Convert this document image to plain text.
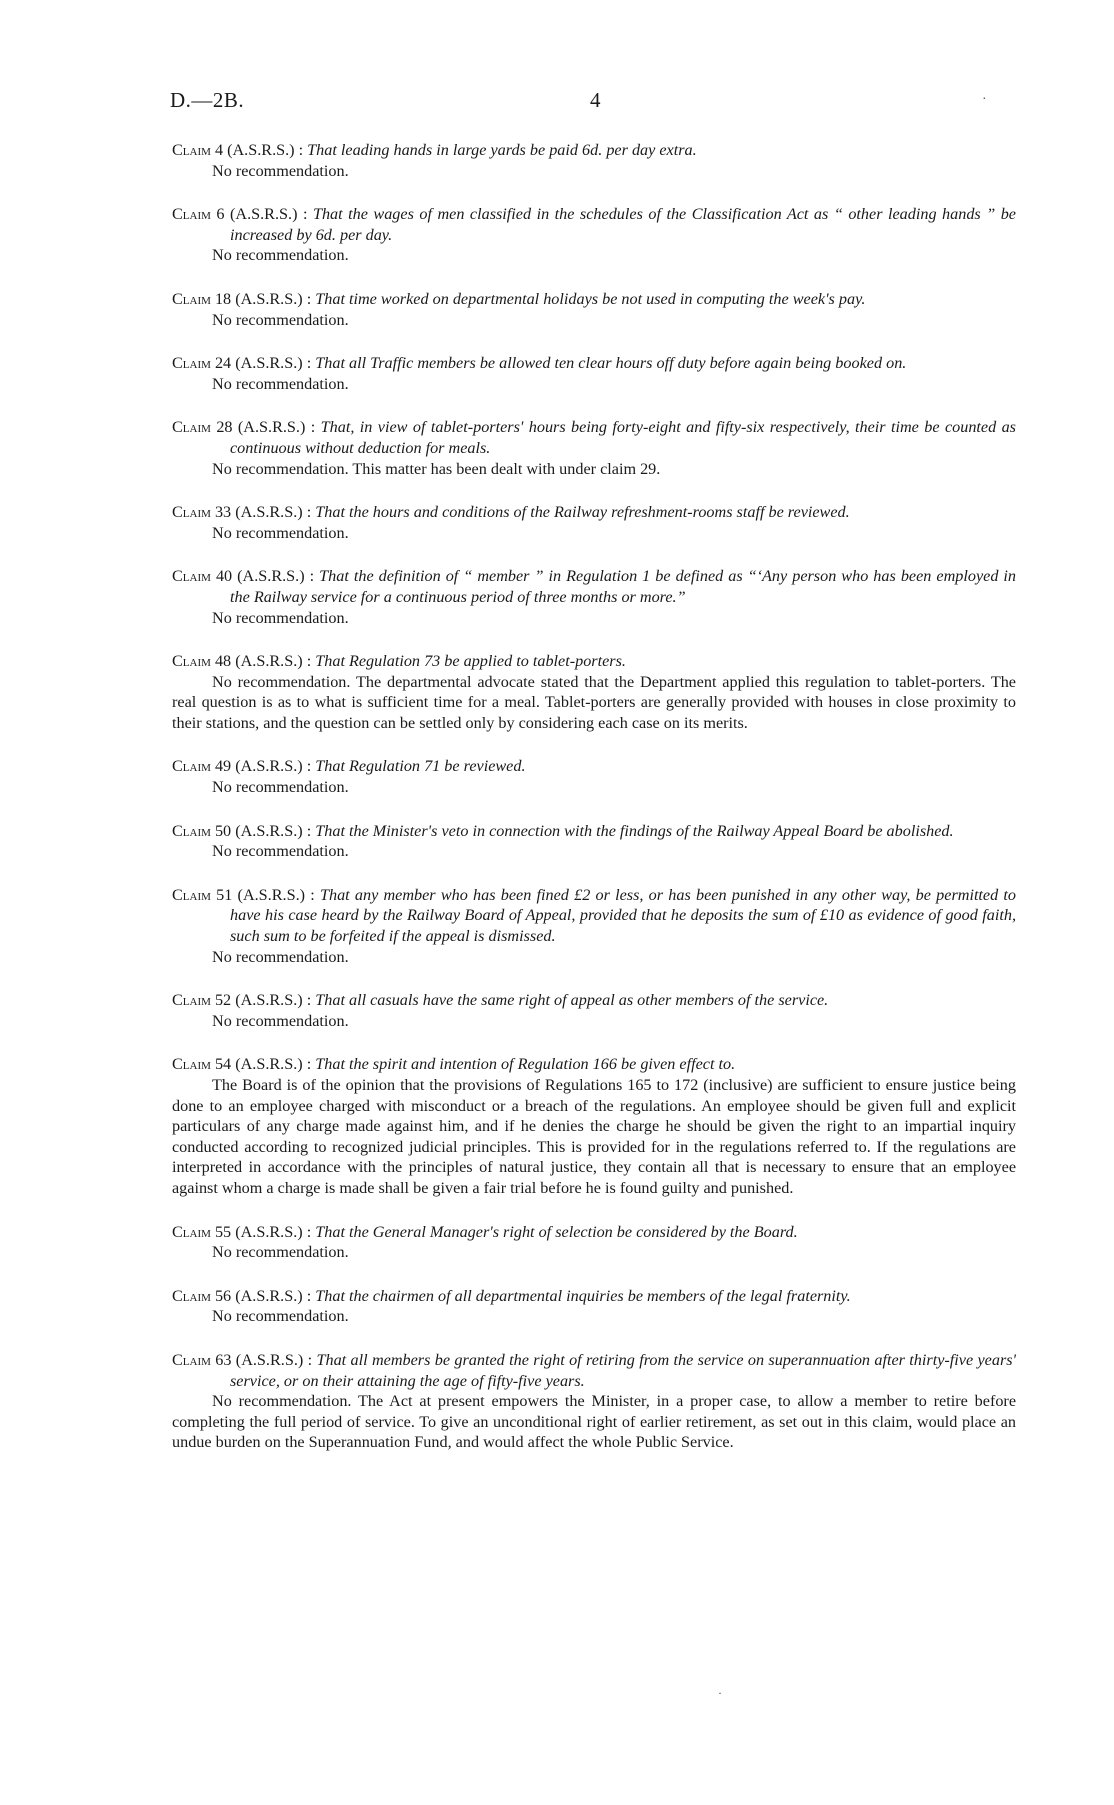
D.—2B.	4	·
Claim 4 (A.S.R.S.) : That leading hands in large yards be paid 6d. per day extra.
No recommendation.
Claim 6 (A.S.R.S.) : That the wages of men classified in the schedules of the Classification Act as “ other leading hands ” be increased by 6d. per day.
No recommendation.
Claim 18 (A.S.R.S.) : That time worked on departmental holidays be not used in computing the week's pay.
No recommendation.
Claim 24 (A.S.R.S.) : That all Traffic members be allowed ten clear hours off duty before again being booked on.
No recommendation.
Claim 28 (A.S.R.S.) : That, in view of tablet-porters' hours being forty-eight and fifty-six respectively, their time be counted as continuous without deduction for meals.
No recommendation. This matter has been dealt with under claim 29.
Claim 33 (A.S.R.S.) : That the hours and conditions of the Railway refreshment-rooms staff be reviewed.
No recommendation.
Claim 40 (A.S.R.S.) : That the definition of “ member ” in Regulation 1 be defined as “‘Any person who has been employed in the Railway service for a continuous period of three months or more.”
No recommendation.
Claim 48 (A.S.R.S.) : That Regulation 73 be applied to tablet-porters.
No recommendation. The departmental advocate stated that the Department applied this regulation to tablet-porters. The real question is as to what is sufficient time for a meal. Tablet-porters are generally provided with houses in close proximity to their stations, and the question can be settled only by considering each case on its merits.
Claim 49 (A.S.R.S.) : That Regulation 71 be reviewed.
No recommendation.
Claim 50 (A.S.R.S.) : That the Minister's veto in connection with the findings of the Railway Appeal Board be abolished.
No recommendation.
Claim 51 (A.S.R.S.) : That any member who has been fined £2 or less, or has been punished in any other way, be permitted to have his case heard by the Railway Board of Appeal, provided that he deposits the sum of £10 as evidence of good faith, such sum to be forfeited if the appeal is dismissed.
No recommendation.
Claim 52 (A.S.R.S.) : That all casuals have the same right of appeal as other members of the service.
No recommendation.
Claim 54 (A.S.R.S.) : That the spirit and intention of Regulation 166 be given effect to.
The Board is of the opinion that the provisions of Regulations 165 to 172 (inclusive) are sufficient to ensure justice being done to an employee charged with misconduct or a breach of the regulations. An employee should be given full and explicit particulars of any charge made against him, and if he denies the charge he should be given the right to an impartial inquiry conducted according to recognized judicial principles. This is provided for in the regulations referred to. If the regulations are interpreted in accordance with the principles of natural justice, they contain all that is necessary to ensure that an employee against whom a charge is made shall be given a fair trial before he is found guilty and punished.
Claim 55 (A.S.R.S.) : That the General Manager's right of selection be considered by the Board.
No recommendation.
Claim 56 (A.S.R.S.) : That the chairmen of all departmental inquiries be members of the legal fraternity.
No recommendation.
Claim 63 (A.S.R.S.) : That all members be granted the right of retiring from the service on superannuation after thirty-five years' service, or on their attaining the age of fifty-five years.
No recommendation. The Act at present empowers the Minister, in a proper case, to allow a member to retire before completing the full period of service. To give an unconditional right of earlier retirement, as set out in this claim, would place an undue burden on the Superannuation Fund, and would affect the whole Public Service.
·
